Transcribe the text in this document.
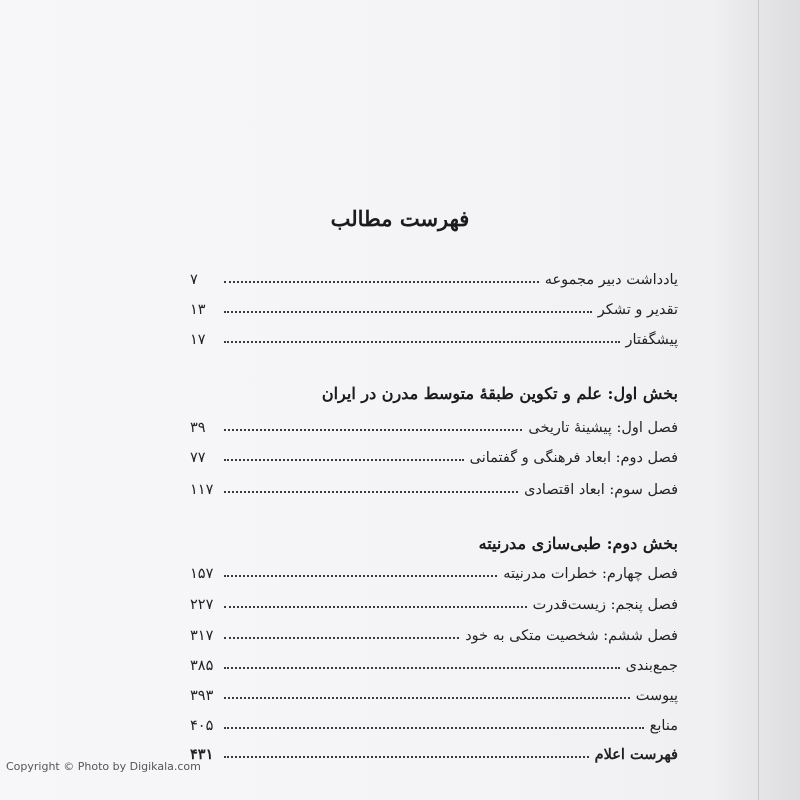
فهرست مطالب
یادداشت دبیر مجموعه
۷
تقدیر و تشکر
۱۳
پیشگفتار
۱۷
بخش اول: علم و تکوین طبقهٔ متوسط مدرن در ایران
فصل اول: پیشینهٔ تاریخی
۳۹
فصل دوم: ابعاد فرهنگی و گفتمانی
۷۷
فصل سوم: ابعاد اقتصادی
۱۱۷
بخش دوم: طبی‌سازی مدرنیته
فصل چهارم: خطرات مدرنیته
۱۵۷
فصل پنجم: زیست‌قدرت
۲۲۷
فصل ششم: شخصیت متکی به خود
۳۱۷
جمع‌بندی
۳۸۵
پیوست
۳۹۳
منابع
۴۰۵
فهرست اعلام
۴۳۱
Copyright © Photo by Digikala.com
